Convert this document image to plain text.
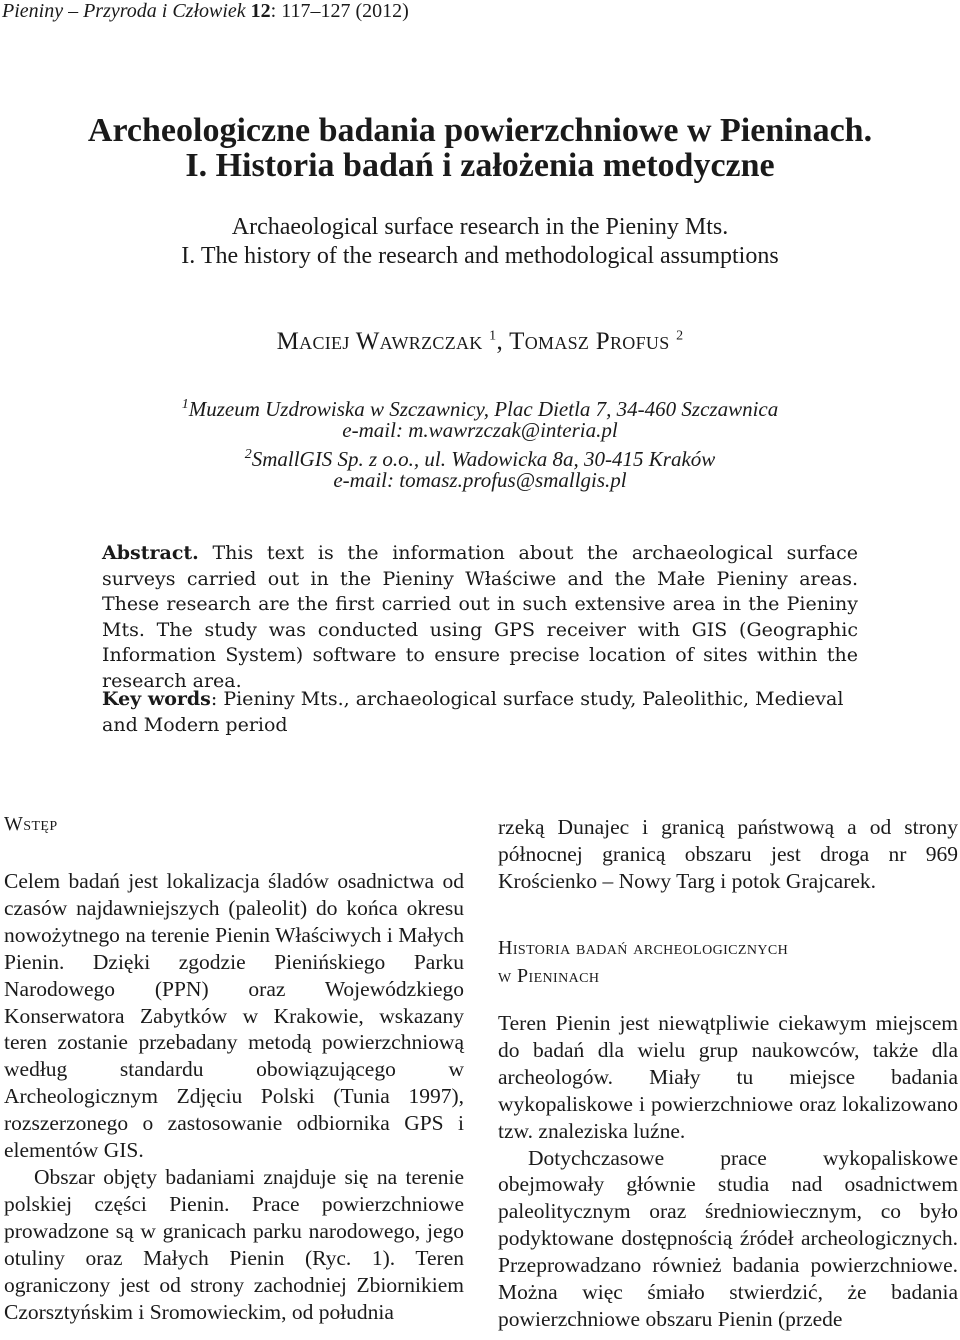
Pieniny – Przyroda i Człowiek 12: 117–127 (2012)
Archeologiczne badania powierzchniowe w Pieninach.
I. Historia badań i założenia metodyczne
Archaeological surface research in the Pieniny Mts.
I. The history of the research and methodological assumptions
Maciej Wawrzczak $^1$, Tomasz Profus $^2$
$^1$Muzeum Uzdrowiska w Szczawnicy, Plac Dietla 7, 34-460 Szczawnica
e-mail: m.wawrzczak@interia.pl
$^2$SmallGIS Sp. z o.o., ul. Wadowicka 8a, 30-415 Kraków
e-mail: tomasz.profus@smallgis.pl
Abstract. This text is the information about the archaeological surface surveys carried out in the Pieniny Właściwe and the Małe Pieniny areas. These research are the first carried out in such extensive area in the Pieniny Mts. The study was conducted using GPS receiver with GIS (Geographic Information System) software to ensure precise location of sites within the research area.
Key words: Pieniny Mts., archaeological surface study, Paleolithic, Medieval and Modern period
Wstęp

Celem badań jest lokalizacja śladów osadnictwa od czasów najdawniejszych (paleolit) do końca okresu nowożytnego na terenie Pienin Właściwych i Małych Pienin. Dzięki zgodzie Pienińskiego Parku Narodowego (PPN) oraz Wojewódzkiego Konserwatora Zabytków w Krakowie, wskazany teren zostanie przebadany metodą powierzchniową według standardu obowiązującego w Archeologicznym Zdjęciu Polski (Tunia 1997), rozszerzonego o zastosowanie odbiornika GPS i elementów GIS.

Obszar objęty badaniami znajduje się na terenie polskiej części Pienin. Prace powierzchniowe prowadzone są w granicach parku narodowego, jego otuliny oraz Małych Pienin (Ryc. 1). Teren ograniczony jest od strony zachodniej Zbiornikiem Czorsztyńskim i Sromowieckim, od południa

rzeką Dunajec i granicą państwową a od strony północnej granicą obszaru jest droga nr 969 Krościenko – Nowy Targ i potok Grajcarek.

Historia badań archeologicznych
w Pieninach

Teren Pienin jest niewątpliwie ciekawym miejscem do badań dla wielu grup naukowców, także dla archeologów. Miały tu miejsce badania wykopaliskowe i powierzchniowe oraz lokalizowano tzw. znaleziska luźne.

Dotychczasowe prace wykopaliskowe obejmowały głównie studia nad osadnictwem paleolitycznym oraz średniowiecznym, co było podyktowane dostępnością źródeł archeologicznych. Przeprowadzano również badania powierzchniowe. Można więc śmiało stwierdzić, że badania powierzchniowe obszaru Pienin (przede
